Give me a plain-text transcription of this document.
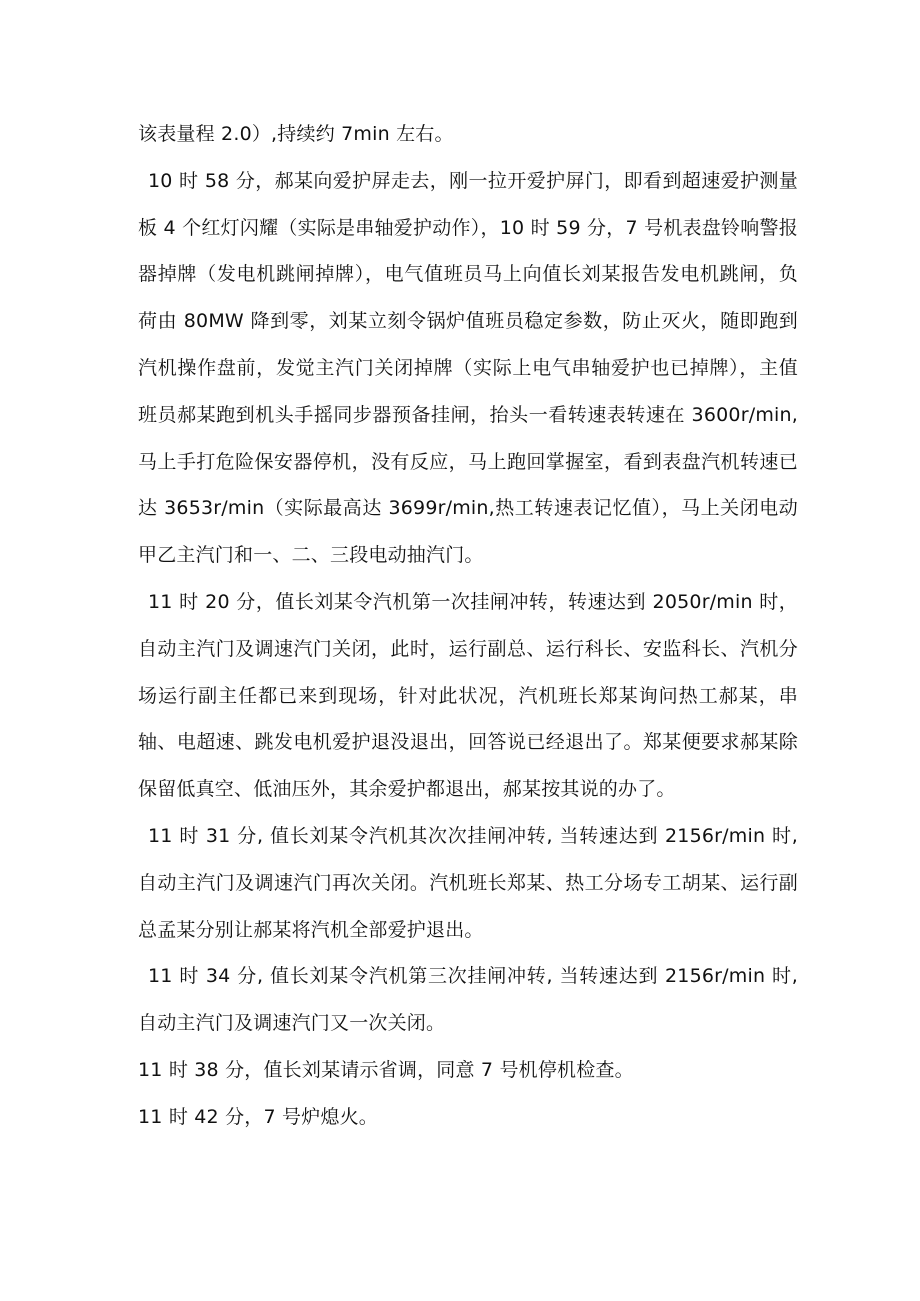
该表量程 2.0）,持续约 7min 左右。

10 时 58 分，郝某向爱护屏走去，刚一拉开爱护屏门，即看到超速爱护测量板 4 个红灯闪耀（实际是串轴爱护动作），10 时 59 分，7 号机表盘铃响警报器掉牌（发电机跳闸掉牌），电气值班员马上向值长刘某报告发电机跳闸，负荷由 80MW 降到零，刘某立刻令锅炉值班员稳定参数，防止灭火，随即跑到汽机操作盘前，发觉主汽门关闭掉牌（实际上电气串轴爱护也已掉牌），主值班员郝某跑到机头手摇同步器预备挂闸，抬头一看转速表转速在 3600r/min,马上手打危险保安器停机，没有反应，马上跑回掌握室，看到表盘汽机转速已达 3653r/min（实际最高达 3699r/min,热工转速表记忆值），马上关闭电动甲乙主汽门和一、二、三段电动抽汽门。

11 时 20 分，值长刘某令汽机第一次挂闸冲转，转速达到 2050r/min 时，自动主汽门及调速汽门关闭，此时，运行副总、运行科长、安监科长、汽机分场运行副主任都已来到现场，针对此状况，汽机班长郑某询问热工郝某，串轴、电超速、跳发电机爱护退没退出，回答说已经退出了。郑某便要求郝某除保留低真空、低油压外，其余爱护都退出，郝某按其说的办了。

11 时 31 分, 值长刘某令汽机其次次挂闸冲转, 当转速达到 2156r/min 时, 自动主汽门及调速汽门再次关闭。汽机班长郑某、热工分场专工胡某、运行副总孟某分别让郝某将汽机全部爱护退出。

11 时 34 分, 值长刘某令汽机第三次挂闸冲转, 当转速达到 2156r/min 时, 自动主汽门及调速汽门又一次关闭。

11 时 38 分，值长刘某请示省调，同意 7 号机停机检查。

11 时 42 分，7 号炉熄火。
